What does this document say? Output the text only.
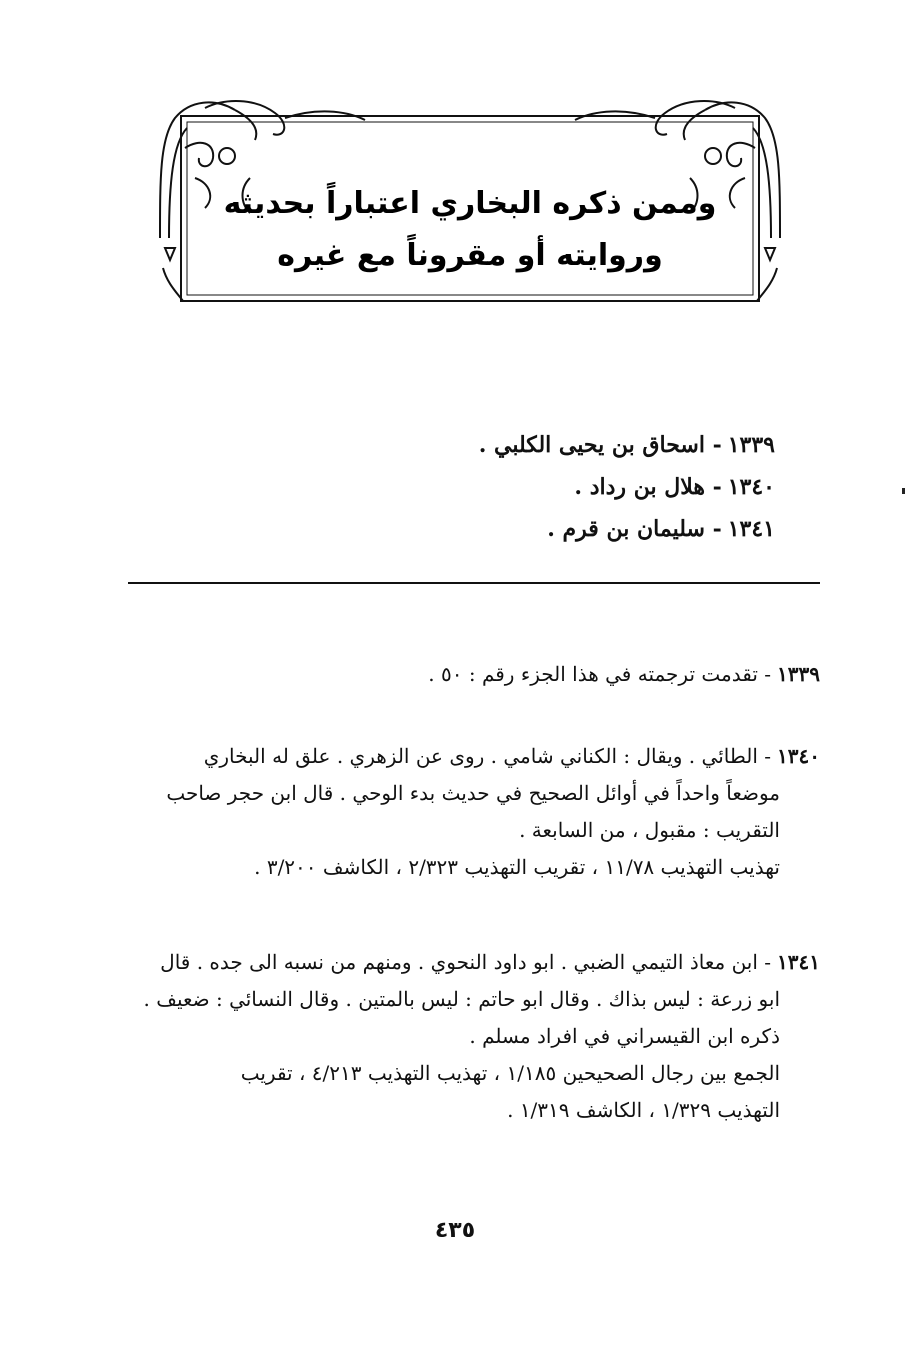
وممن ذكره البخاري اعتباراً بحديثه
وروايته أو مقروناً مع غيره
١٣٣٩- اسحاق بن يحيى الكلبي .
١٣٤٠- هلال بن رداد .
١٣٤١- سليمان بن قرم .
١٣٣٩- تقدمت ترجمته في هذا الجزء رقم : ٥٠ .
١٣٤٠- الطائي . ويقال : الكناني شامي . روى عن الزهري . علق له البخاري
موضعاً واحداً في أوائل الصحيح في حديث بدء الوحي . قال ابن حجر صاحب
التقريب : مقبول ، من السابعة .
تهذيب التهذيب ١١/٧٨ ، تقريب التهذيب ٢/٣٢٣ ، الكاشف ٣/٢٠٠ .
١٣٤١- ابن معاذ التيمي الضبي . ابو داود النحوي . ومنهم من نسبه الى جده . قال
ابو زرعة : ليس بذاك . وقال ابو حاتم : ليس بالمتين . وقال النسائي : ضعيف .
ذكره ابن القيسراني في افراد مسلم .
الجمع بين رجال الصحيحين ١/١٨٥ ، تهذيب التهذيب ٤/٢١٣ ، تقريب
التهذيب ١/٣٢٩ ، الكاشف ١/٣١٩ .
٤٣٥
